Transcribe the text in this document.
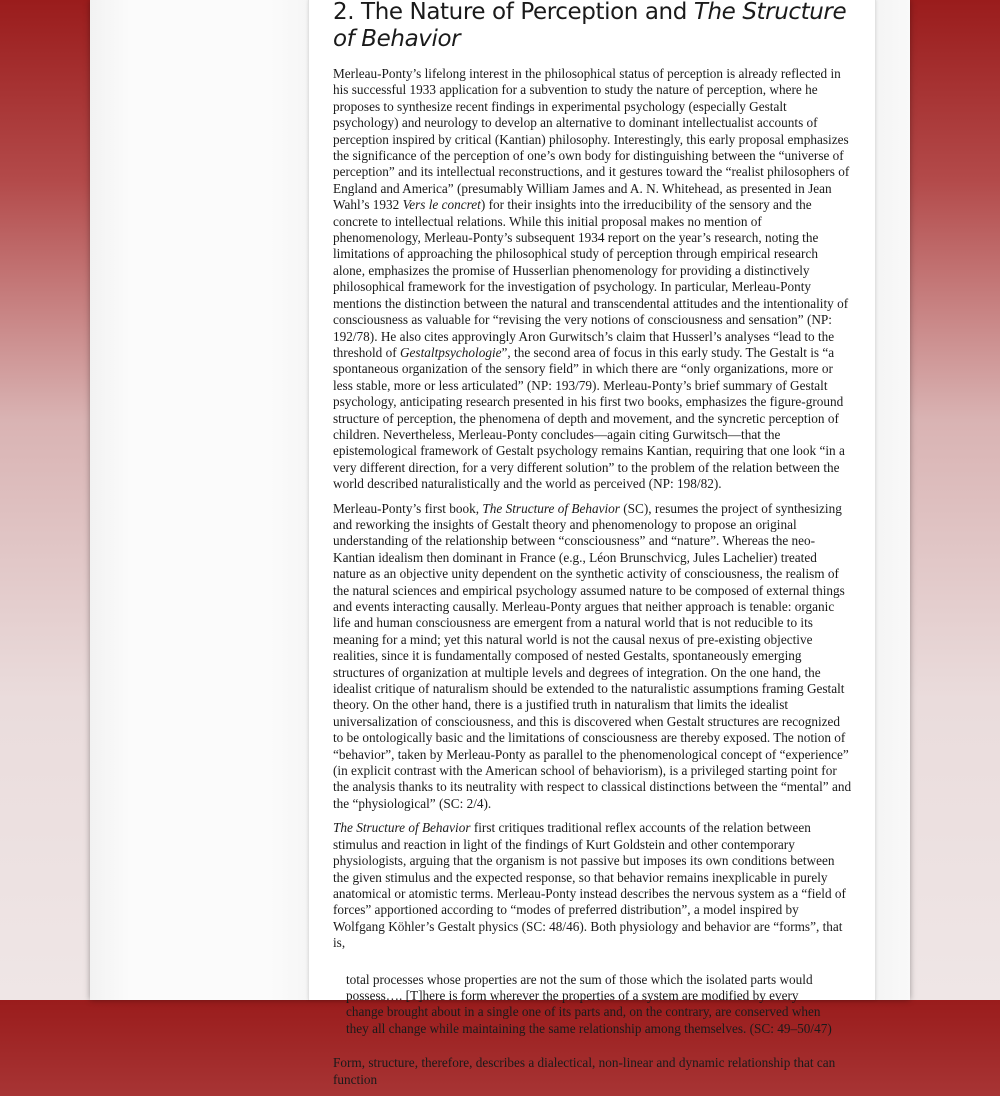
2. The Nature of Perception and The Structure of Behavior

Merleau-Ponty’s lifelong interest in the philosophical status of perception is already reflected in his successful 1933 application for a subvention to study the nature of perception, where he proposes to synthesize recent findings in experimental psychology (especially Gestalt psychology) and neurology to develop an alternative to dominant intellectualist accounts of perception inspired by critical (Kantian) philosophy. Interestingly, this early proposal emphasizes the significance of the perception of one’s own body for distinguishing between the “universe of perception” and its intellectual reconstructions, and it gestures toward the “realist philosophers of England and America” (presumably William James and A. N. Whitehead, as presented in Jean Wahl’s 1932 Vers le concret) for their insights into the irreducibility of the sensory and the concrete to intellectual relations. While this initial proposal makes no mention of phenomenology, Merleau-Ponty’s subsequent 1934 report on the year’s research, noting the limitations of approaching the philosophical study of perception through empirical research alone, emphasizes the promise of Husserlian phenomenology for providing a distinctively philosophical framework for the investigation of psychology. In particular, Merleau-Ponty mentions the distinction between the natural and transcendental attitudes and the intentionality of consciousness as valuable for “revising the very notions of consciousness and sensation” (NP: 192/78). He also cites approvingly Aron Gurwitsch’s claim that Husserl’s analyses “lead to the threshold of Gestaltpsychologie”, the second area of focus in this early study. The Gestalt is “a spontaneous organization of the sensory field” in which there are “only organizations, more or less stable, more or less articulated” (NP: 193/79). Merleau-Ponty’s brief summary of Gestalt psychology, anticipating research presented in his first two books, emphasizes the figure-ground structure of perception, the phenomena of depth and movement, and the syncretic perception of children. Nevertheless, Merleau-Ponty concludes—again citing Gurwitsch—that the epistemological framework of Gestalt psychology remains Kantian, requiring that one look “in a very different direction, for a very different solution” to the problem of the relation between the world described naturalistically and the world as perceived (NP: 198/82).

Merleau-Ponty’s first book, The Structure of Behavior (SC), resumes the project of synthesizing and reworking the insights of Gestalt theory and phenomenology to propose an original understanding of the relationship between “consciousness” and “nature”. Whereas the neo-Kantian idealism then dominant in France (e.g., Léon Brunschvicg, Jules Lachelier) treated nature as an objective unity dependent on the synthetic activity of consciousness, the realism of the natural sciences and empirical psychology assumed nature to be composed of external things and events interacting causally. Merleau-Ponty argues that neither approach is tenable: organic life and human consciousness are emergent from a natural world that is not reducible to its meaning for a mind; yet this natural world is not the causal nexus of pre-existing objective realities, since it is fundamentally composed of nested Gestalts, spontaneously emerging structures of organization at multiple levels and degrees of integration. On the one hand, the idealist critique of naturalism should be extended to the naturalistic assumptions framing Gestalt theory. On the other hand, there is a justified truth in naturalism that limits the idealist universalization of consciousness, and this is discovered when Gestalt structures are recognized to be ontologically basic and the limitations of consciousness are thereby exposed. The notion of “behavior”, taken by Merleau-Ponty as parallel to the phenomenological concept of “experience” (in explicit contrast with the American school of behaviorism), is a privileged starting point for the analysis thanks to its neutrality with respect to classical distinctions between the “mental” and the “physiological” (SC: 2/4).

The Structure of Behavior first critiques traditional reflex accounts of the relation between stimulus and reaction in light of the findings of Kurt Goldstein and other contemporary physiologists, arguing that the organism is not passive but imposes its own conditions between the given stimulus and the expected response, so that behavior remains inexplicable in purely anatomical or atomistic terms. Merleau-Ponty instead describes the nervous system as a “field of forces” apportioned according to “modes of preferred distribution”, a model inspired by Wolfgang Köhler’s Gestalt physics (SC: 48/46). Both physiology and behavior are “forms”, that is,

total processes whose properties are not the sum of those which the isolated parts would possess…. [T]here is form wherever the properties of a system are modified by every change brought about in a single one of its parts and, on the contrary, are conserved when they all change while maintaining the same relationship among themselves. (SC: 49–50/47)

Form, structure, therefore, describes a dialectical, non-linear and dynamic relationship that can function
